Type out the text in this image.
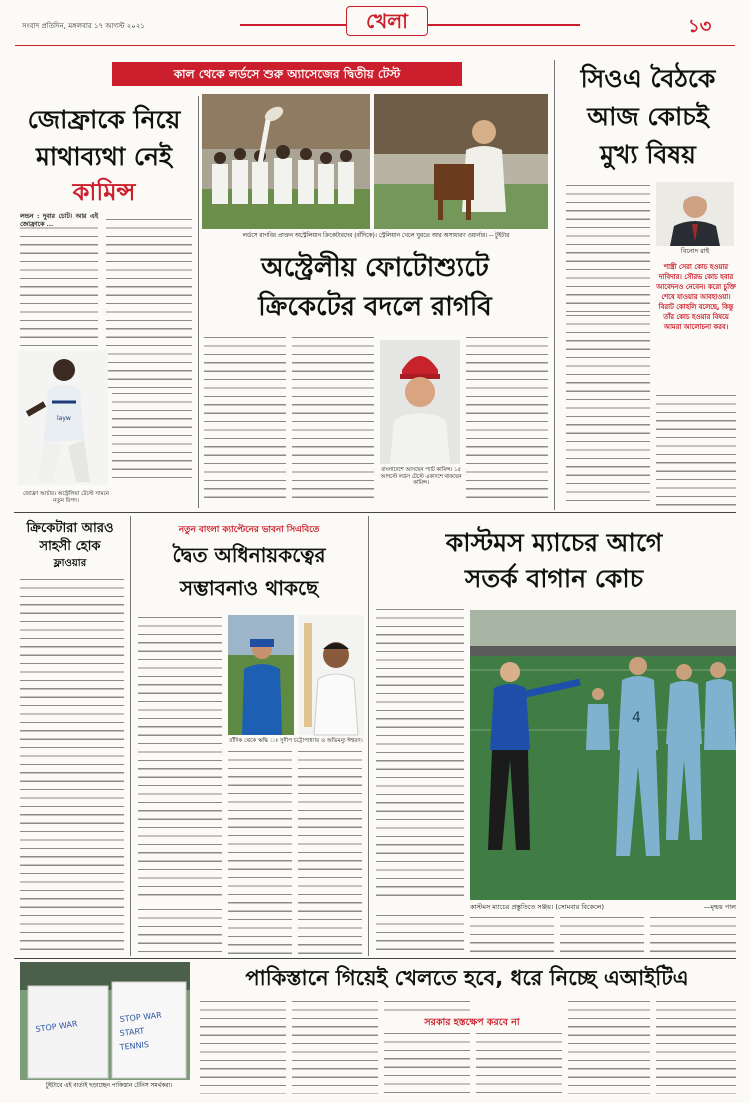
সংবাদ প্রতিদিন, মঙ্গলবার ১৭ আগস্ট ২০২১	খেলা	১৩
কাল থেকে লর্ডসে শুরু অ্যাসেজের দ্বিতীয় টেস্ট
জোফ্রাকে নিয়ে
মাথাব্যথা নেই
কামিন্স
লন্ডন : দুবার চোট। আর এই জোফ্রাকে ...
layw
জোফ্রা আর্চার। অস্ট্রেলিয়া টেস্টে সামনে নতুন বিপদ।
লর্ডসে রাগবির প্রাক্তন অস্ট্রেলিয়ান ক্রিকেটারদের (বাঁদিকে)। স্ট্রেলিয়ান খেলে ঘুরতে আর অসাধারণ ওয়ার্নার। -- টুইটার
অস্ট্রেলীয় ফোটোশ্যুটে
ক্রিকেটের বদলে রাগবি
বাংলাদেশে আসছেন প্যাট কামিন্স। ১৫ আগস্টে লর্ডস টেস্টে একাদশে থাকছেন কামিন্স।
সিওএ বৈঠকে
আজ কোচই
মুখ্য বিষয়
বিনোদ রাই
শাস্ত্রী সেরা কোচ হওয়ার দাবিদার। সৌরভ কোচ হবার আবেদনও নেবেন। করো চুক্তি শেষে যাওয়ার আবহাওয়া। বিরাট কোহলি বলেছে, কিন্তু তাঁর কোচ হওয়ার বিষয়ে আমরা আলোচনা করব।
ক্রিকেটারা আরও
সাহসী হোক
ফ্লাওয়ার
নতুন বাংলা ক্যাপ্টেনের ভাবনা সিএবিতে
দ্বৈত অধিনায়কত্বের
সম্ভাবনাও থাকছে
বাঁদিক থেকে ঋদ্ধি ঃ সুদীপ চট্টোপাধ্যায় ও অভিমন্যু ঈশ্বরণ।
কাস্টমস ম্যাচের আগে
সতর্ক বাগান কোচ
4
কাস্টমস ম্যাচের প্রস্তুতিতে সঞ্জয়। (সোমবার বিকেলে)	—মৃন্ময় পাল
STOP WAR
STOP WAR
START
TENNIS
টুইটারে এই বার্তাই ছড়াচ্ছেন পাকিস্তান টেনিস সমর্থকরা।
পাকিস্তানে গিয়েই খেলতে হবে, ধরে নিচ্ছে এআইটিএ
সরকার হস্তক্ষেপ করবে না
